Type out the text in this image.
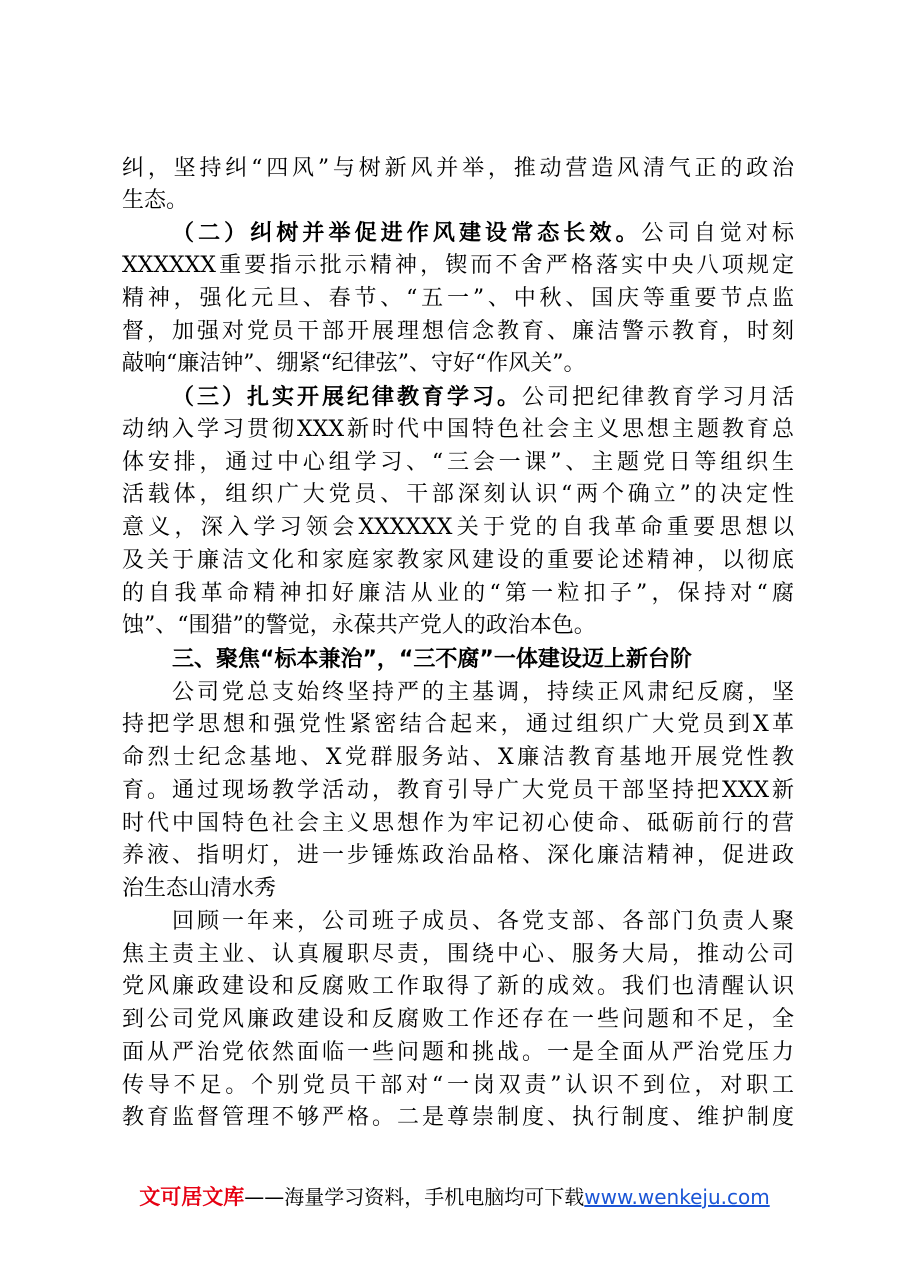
纠，坚持纠“四风”与树新风并举，推动营造风清气正的政治

生态。

（二）纠树并举促进作风建设常态长效。公司自觉对标

XXXXXX重要指示批示精神，锲而不舍严格落实中央八项规定

精神，强化元旦、春节、“五一”、中秋、国庆等重要节点监

督，加强对党员干部开展理想信念教育、廉洁警示教育，时刻

敲响“廉洁钟”、绷紧“纪律弦”、守好“作风关”。

（三）扎实开展纪律教育学习。公司把纪律教育学习月活

动纳入学习贯彻XXX新时代中国特色社会主义思想主题教育总

体安排，通过中心组学习、“三会一课”、主题党日等组织生

活载体，组织广大党员、干部深刻认识“两个确立”的决定性

意义，深入学习领会XXXXXX关于党的自我革命重要思想以

及关于廉洁文化和家庭家教家风建设的重要论述精神，以彻底

的自我革命精神扣好廉洁从业的“第一粒扣子”，保持对“腐

蚀”、“围猎”的警觉，永葆共产党人的政治本色。

三、聚焦“标本兼治”，“三不腐”一体建设迈上新台阶

公司党总支始终坚持严的主基调，持续正风肃纪反腐，坚

持把学思想和强党性紧密结合起来，通过组织广大党员到X革

命烈士纪念基地、X党群服务站、X廉洁教育基地开展党性教

育。通过现场教学活动，教育引导广大党员干部坚持把XXX新

时代中国特色社会主义思想作为牢记初心使命、砥砺前行的营

养液、指明灯，进一步锤炼政治品格、深化廉洁精神，促进政

治生态山清水秀

回顾一年来，公司班子成员、各党支部、各部门负责人聚

焦主责主业、认真履职尽责，围绕中心、服务大局，推动公司

党风廉政建设和反腐败工作取得了新的成效。我们也清醒认识

到公司党风廉政建设和反腐败工作还存在一些问题和不足，全

面从严治党依然面临一些问题和挑战。一是全面从严治党压力

传导不足。个别党员干部对“一岗双责”认识不到位，对职工

教育监督管理不够严格。二是尊崇制度、执行制度、维护制度

文可居文库——海量学习资料，手机电脑均可下载www.wenkeju.com
